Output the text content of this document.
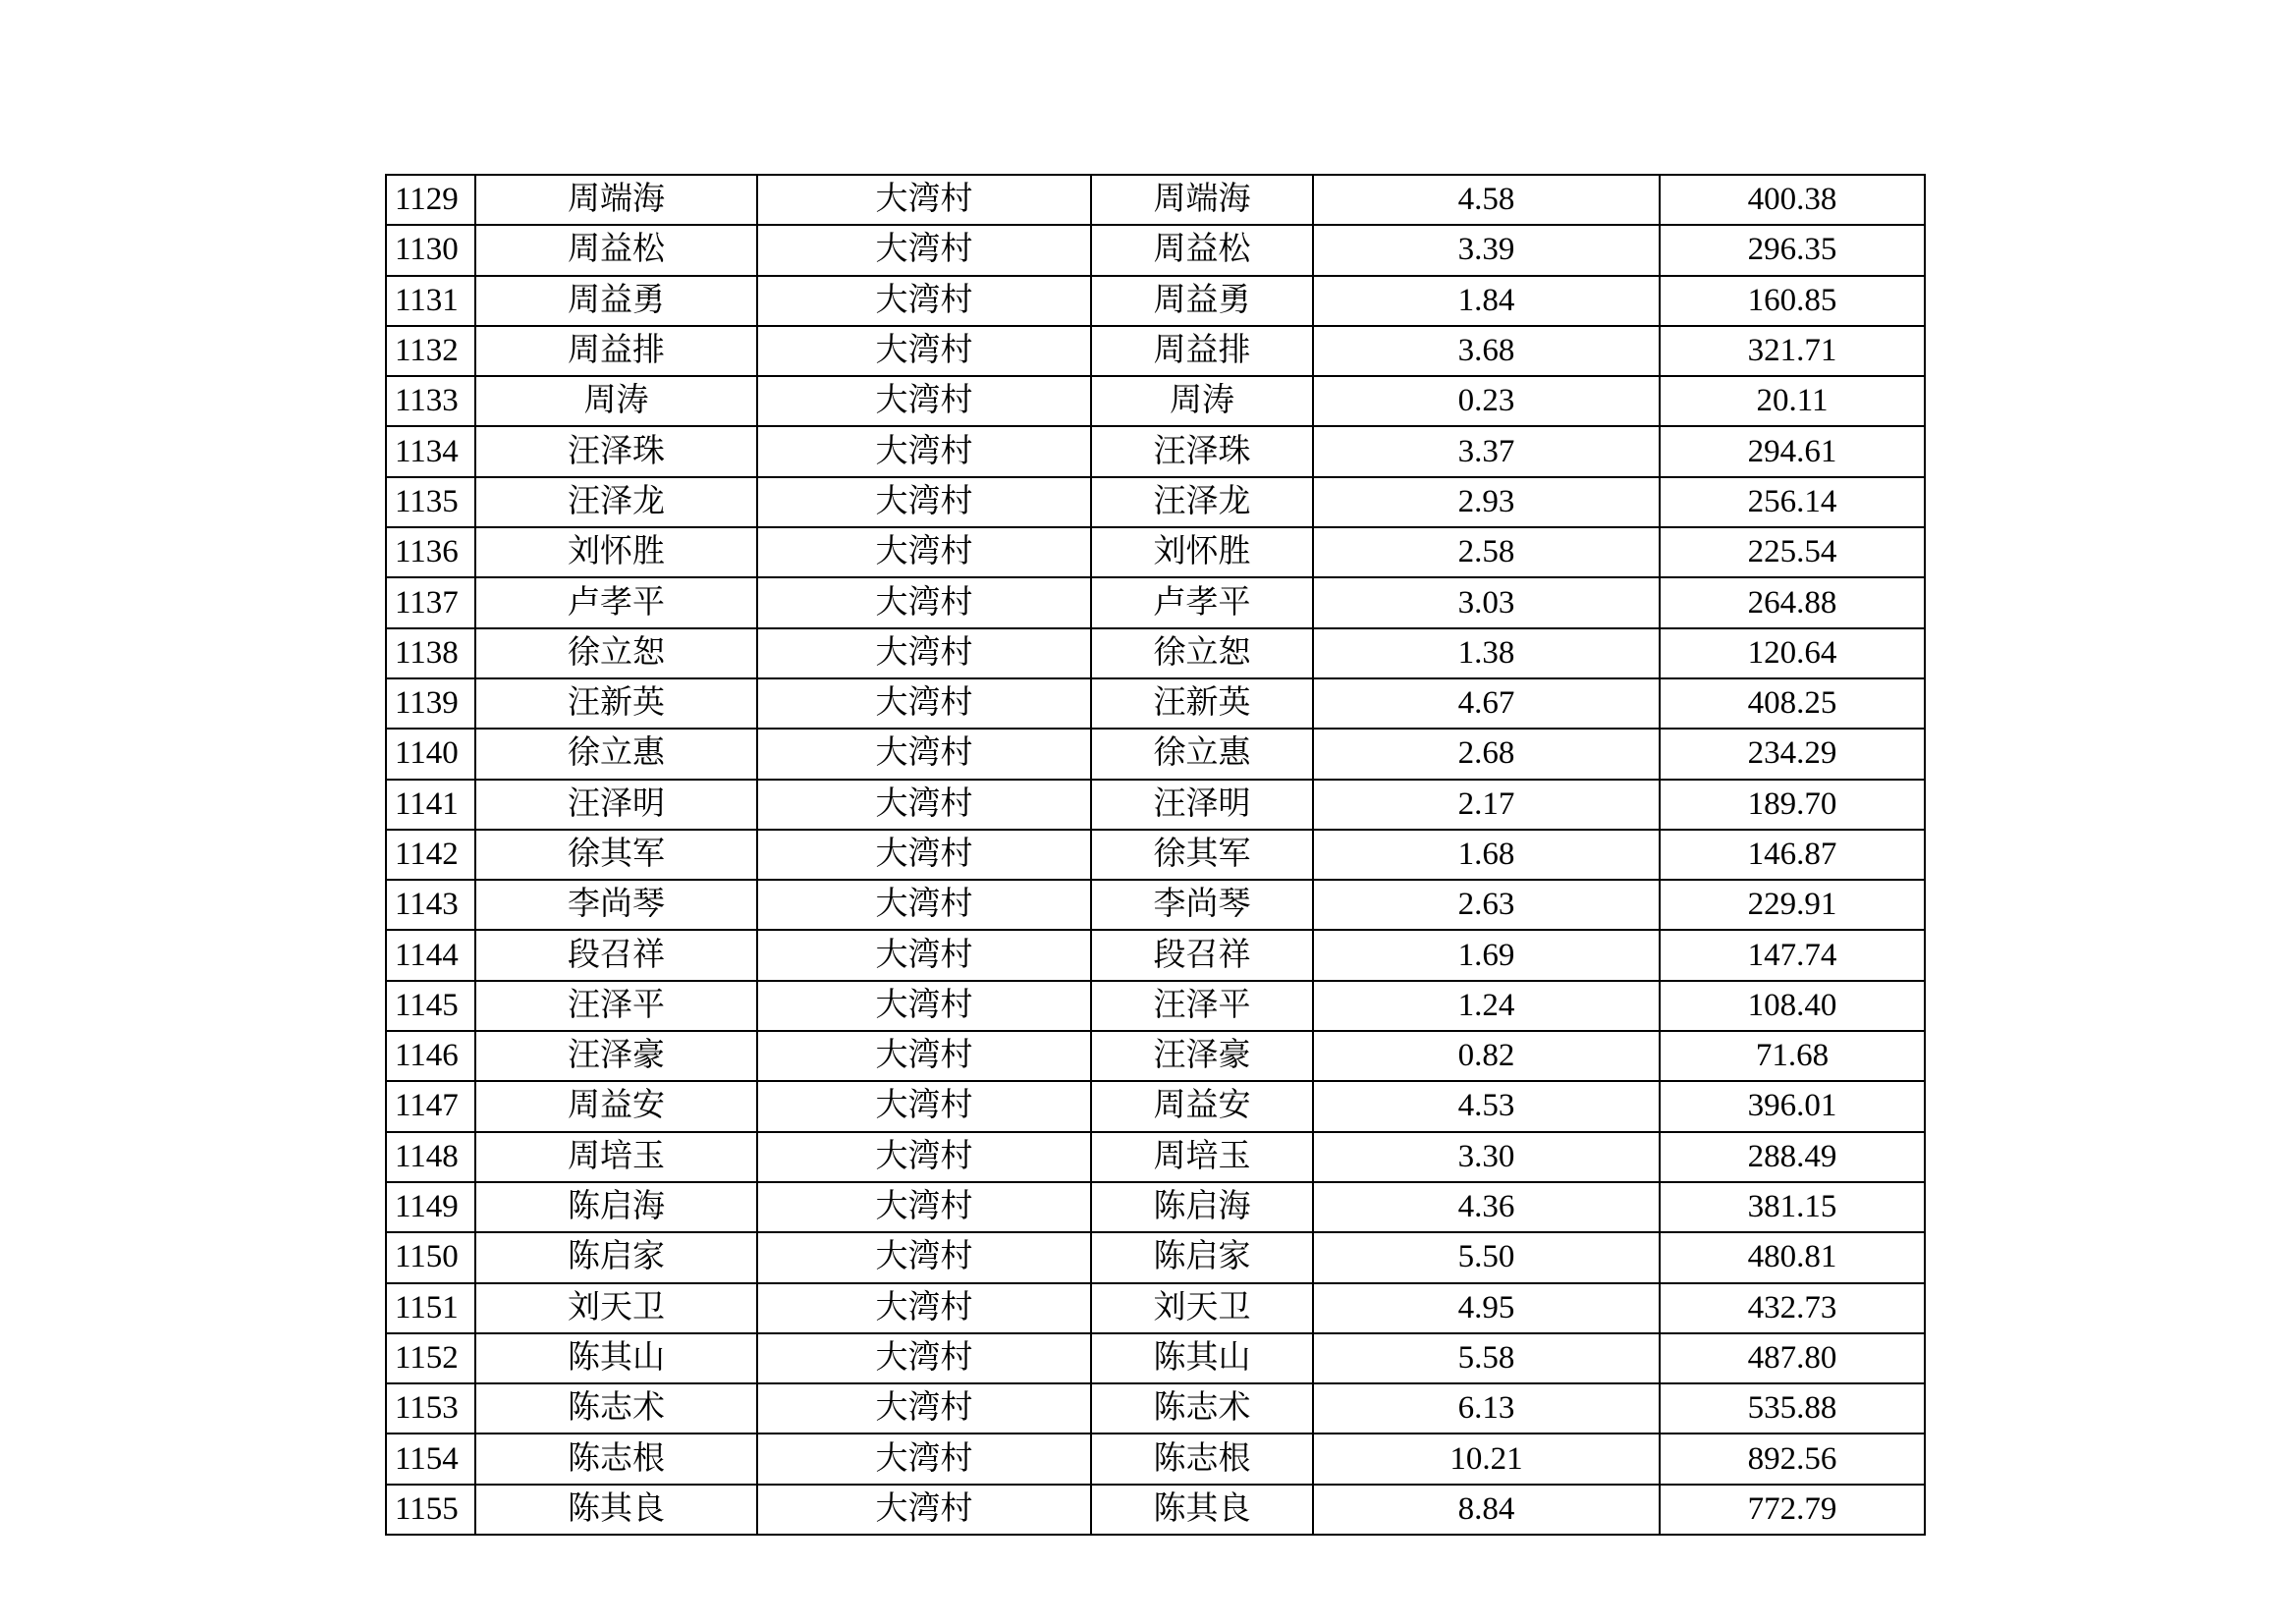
1129	周端海	大湾村	周端海	4.58	400.38
1130	周益松	大湾村	周益松	3.39	296.35
1131	周益勇	大湾村	周益勇	1.84	160.85
1132	周益排	大湾村	周益排	3.68	321.71
1133	周涛	大湾村	周涛	0.23	20.11
1134	汪泽珠	大湾村	汪泽珠	3.37	294.61
1135	汪泽龙	大湾村	汪泽龙	2.93	256.14
1136	刘怀胜	大湾村	刘怀胜	2.58	225.54
1137	卢孝平	大湾村	卢孝平	3.03	264.88
1138	徐立恕	大湾村	徐立恕	1.38	120.64
1139	汪新英	大湾村	汪新英	4.67	408.25
1140	徐立惠	大湾村	徐立惠	2.68	234.29
1141	汪泽明	大湾村	汪泽明	2.17	189.70
1142	徐其军	大湾村	徐其军	1.68	146.87
1143	李尚琴	大湾村	李尚琴	2.63	229.91
1144	段召祥	大湾村	段召祥	1.69	147.74
1145	汪泽平	大湾村	汪泽平	1.24	108.40
1146	汪泽豪	大湾村	汪泽豪	0.82	71.68
1147	周益安	大湾村	周益安	4.53	396.01
1148	周培玉	大湾村	周培玉	3.30	288.49
1149	陈启海	大湾村	陈启海	4.36	381.15
1150	陈启家	大湾村	陈启家	5.50	480.81
1151	刘天卫	大湾村	刘天卫	4.95	432.73
1152	陈其山	大湾村	陈其山	5.58	487.80
1153	陈志术	大湾村	陈志术	6.13	535.88
1154	陈志根	大湾村	陈志根	10.21	892.56
1155	陈其良	大湾村	陈其良	8.84	772.79
